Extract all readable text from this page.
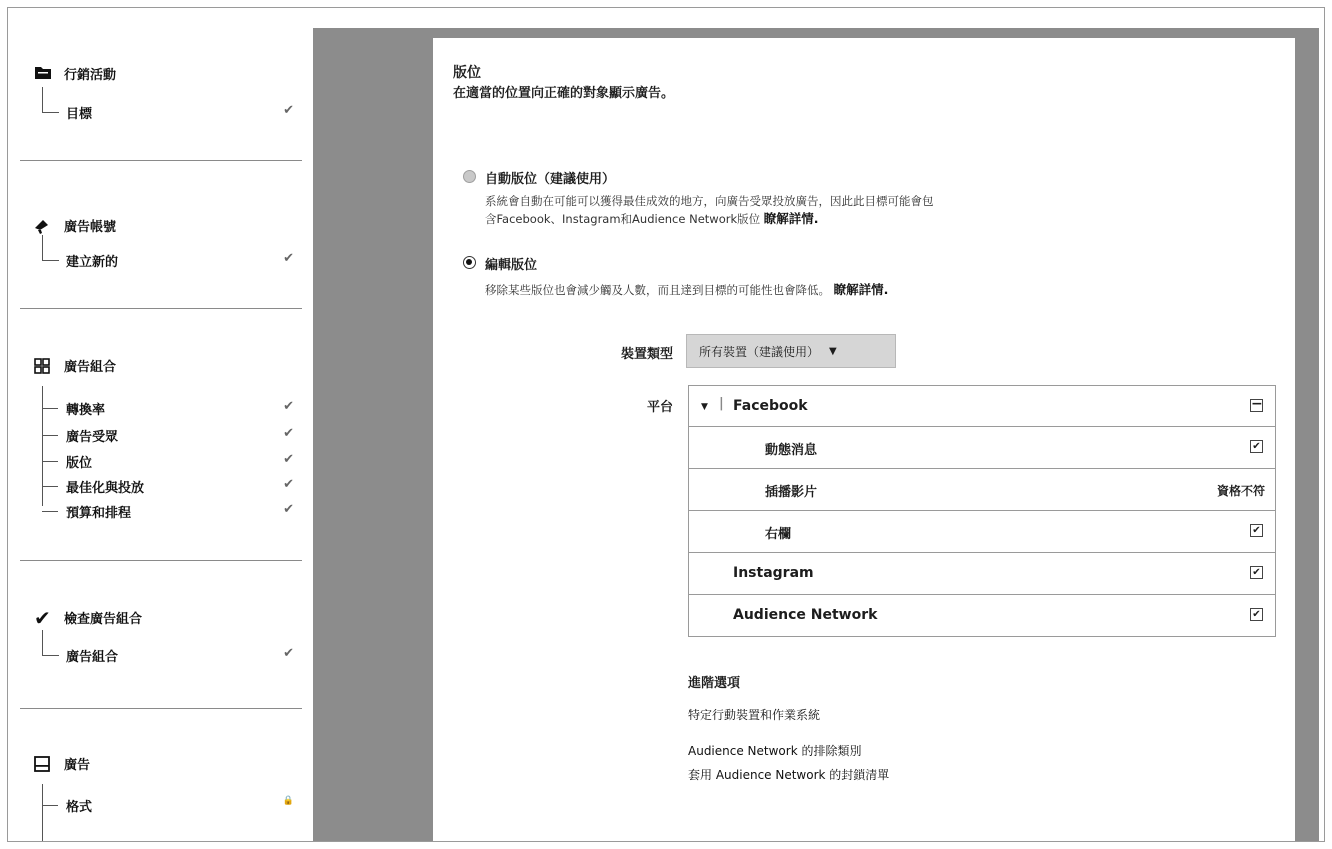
行銷活動
目標	✔
廣告帳號
建立新的	✔
廣告組合
轉換率	✔
廣告受眾	✔
版位	✔
最佳化與投放	✔
預算和排程	✔
✔ 檢查廣告組合
廣告組合	✔
廣告
格式	🔒
版位
在適當的位置向正確的對象顯示廣告。
自動版位（建議使用）
系統會自動在可能可以獲得最佳成效的地方，向廣告受眾投放廣告，因此此目標可能會包
含Facebook、Instagram和Audience Network版位 瞭解詳情.
編輯版位
移除某些版位也會減少觸及人數，而且達到目標的可能性也會降低。 瞭解詳情.
裝置類型 所有裝置（建議使用） ▼
平台	▼ | Facebook	−
動態消息	✔
插播影片	資格不符
右欄	✔
Instagram	✔
Audience Network	✔
進階選項
特定行動裝置和作業系統
Audience Network 的排除類別
套用 Audience Network 的封鎖清單
